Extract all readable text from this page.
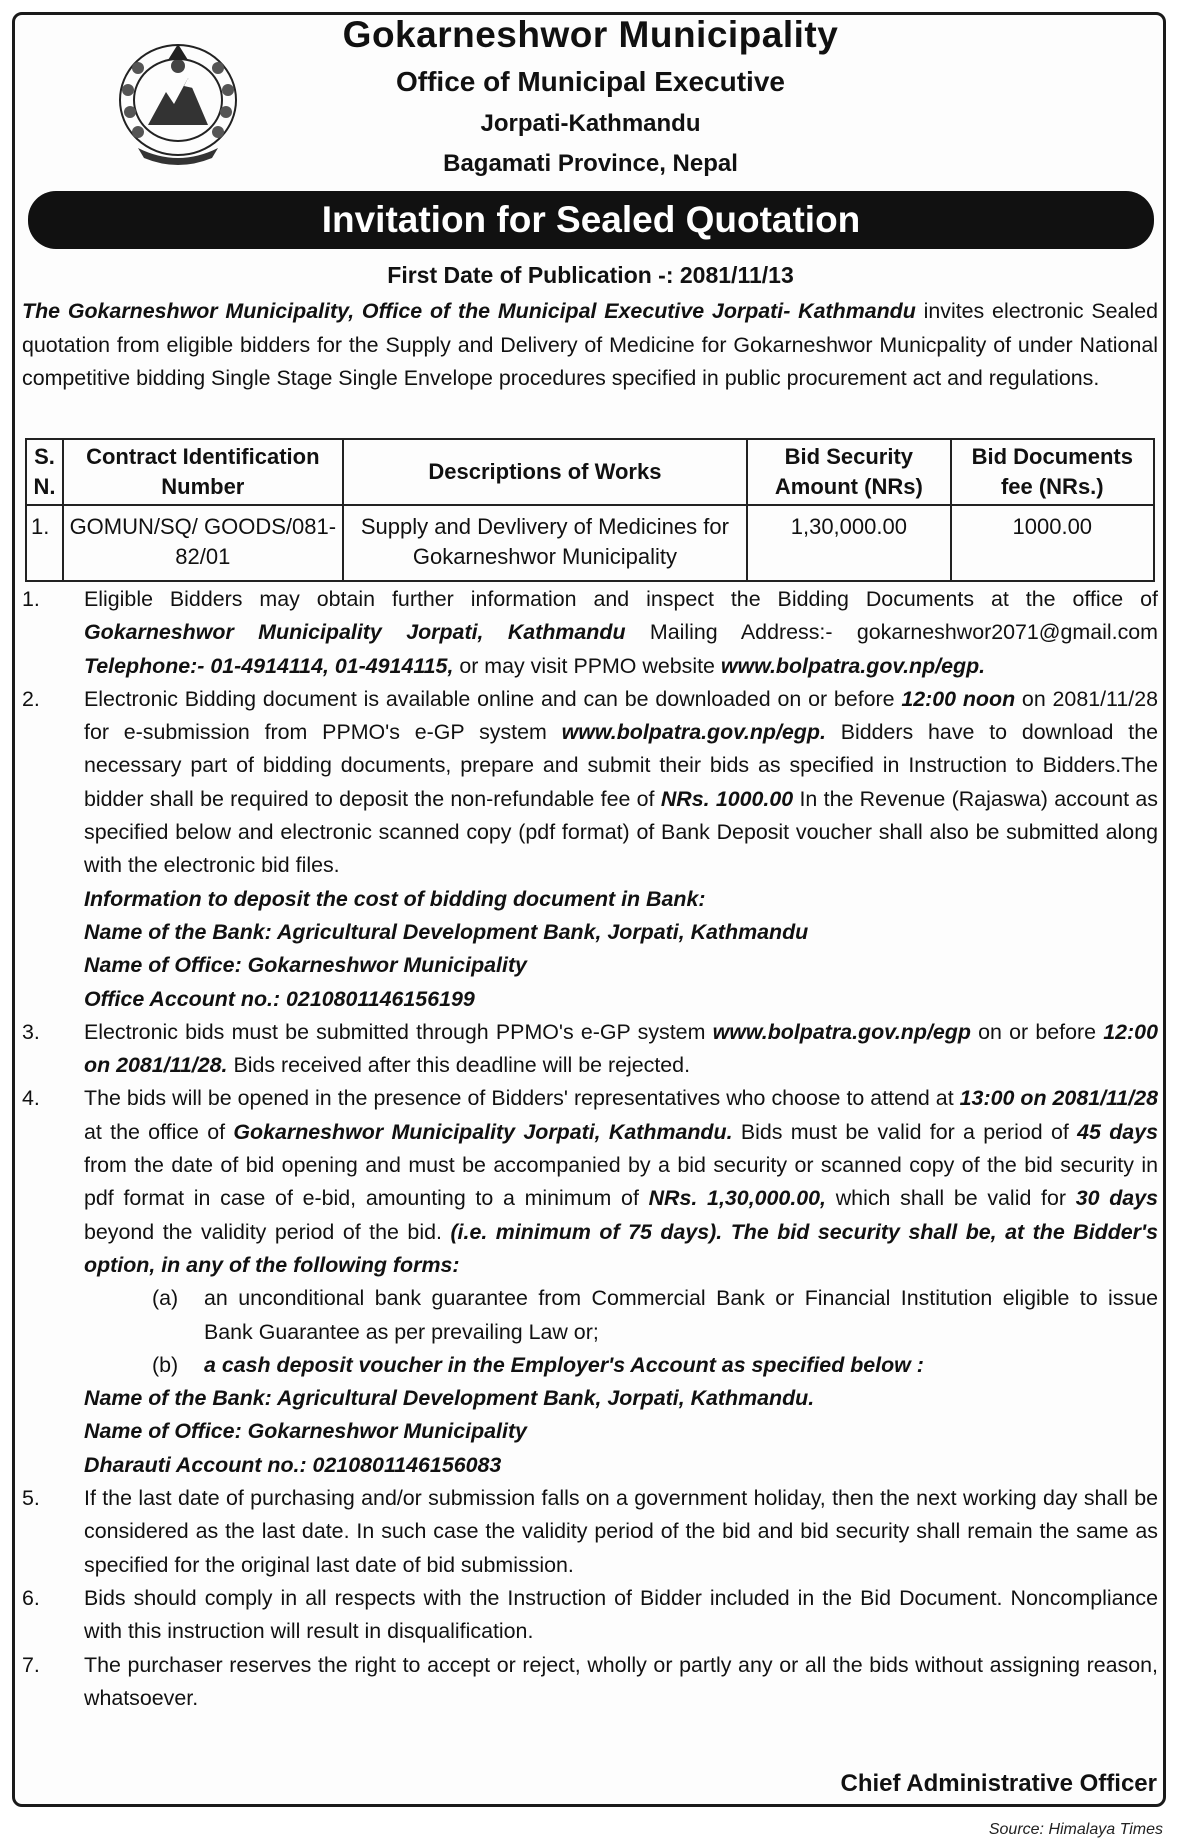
Gokarneshwor Municipality
Office of Municipal Executive
Jorpati-Kathmandu
Bagamati Province, Nepal
Invitation for Sealed Quotation
First Date of Publication -: 2081/11/13
The Gokarneshwor Municipality, Office of the Municipal Executive Jorpati- Kathmandu invites electronic Sealed quotation from eligible bidders for the Supply and Delivery of Medicine for Gokarneshwor Municpality of under National competitive bidding Single Stage Single Envelope procedures specified in public procurement act and regulations.
S. N.	Contract Identification Number	Descriptions of Works	Bid Security Amount (NRs)	Bid Documents fee (NRs.)
1.	GOMUN/SQ/ GOODS/081-82/01	Supply and Devlivery of Medicines for Gokarneshwor Municipality	1,30,000.00	1000.00
1. Eligible Bidders may obtain further information and inspect the Bidding Documents at the office of Gokarneshwor Municipality Jorpati, Kathmandu Mailing Address:- gokarneshwor2071@gmail.com Telephone:- 01-4914114, 01-4914115, or may visit PPMO website www.bolpatra.gov.np/egp.
2. Electronic Bidding document is available online and can be downloaded on or before 12:00 noon on 2081/11/28 for e-submission from PPMO's e-GP system www.bolpatra.gov.np/egp. Bidders have to download the necessary part of bidding documents, prepare and submit their bids as specified in Instruction to Bidders.The bidder shall be required to deposit the non-refundable fee of NRs. 1000.00 In the Revenue (Rajaswa) account as specified below and electronic scanned copy (pdf format) of Bank Deposit voucher shall also be submitted along with the electronic bid files.
Information to deposit the cost of bidding document in Bank:
Name of the Bank: Agricultural Development Bank, Jorpati, Kathmandu
Name of Office: Gokarneshwor Municipality
Office Account no.: 0210801146156199
3. Electronic bids must be submitted through PPMO's e-GP system www.bolpatra.gov.np/egp on or before 12:00 on 2081/11/28. Bids received after this deadline will be rejected.
4. The bids will be opened in the presence of Bidders' representatives who choose to attend at 13:00 on 2081/11/28 at the office of Gokarneshwor Municipality Jorpati, Kathmandu. Bids must be valid for a period of 45 days from the date of bid opening and must be accompanied by a bid security or scanned copy of the bid security in pdf format in case of e-bid, amounting to a minimum of NRs. 1,30,000.00, which shall be valid for 30 days beyond the validity period of the bid. (i.e. minimum of 75 days). The bid security shall be, at the Bidder's option, in any of the following forms:
(a) an unconditional bank guarantee from Commercial Bank or Financial Institution eligible to issue Bank Guarantee as per prevailing Law or;
(b) a cash deposit voucher in the Employer's Account as specified below :
Name of the Bank: Agricultural Development Bank, Jorpati, Kathmandu.
Name of Office: Gokarneshwor Municipality
Dharauti Account no.: 0210801146156083
5. If the last date of purchasing and/or submission falls on a government holiday, then the next working day shall be considered as the last date. In such case the validity period of the bid and bid security shall remain the same as specified for the original last date of bid submission.
6. Bids should comply in all respects with the Instruction of Bidder included in the Bid Document. Noncompliance with this instruction will result in disqualification.
7. The purchaser reserves the right to accept or reject, wholly or partly any or all the bids without assigning reason, whatsoever.
Chief Administrative Officer
Source: Himalaya Times
